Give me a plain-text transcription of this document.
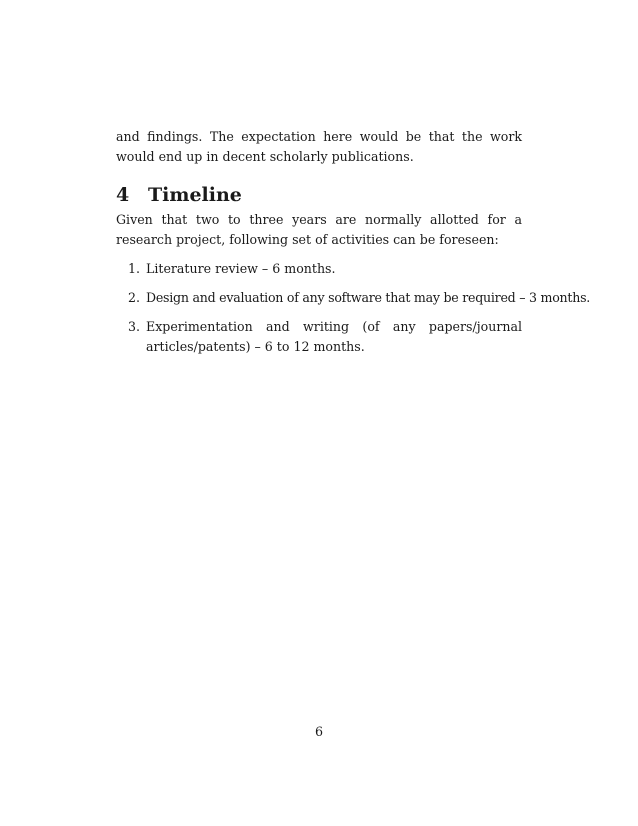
and findings. The expectation here would be that the work would end up in decent scholarly publications.

4 Timeline

Given that two to three years are normally allotted for a research project, following set of activities can be foreseen:

1. Literature review – 6 months.
2. Design and evaluation of any software that may be required – 3 months.
3. Experimentation and writing (of any papers/journal articles/patents) – 6 to 12 months.
6
